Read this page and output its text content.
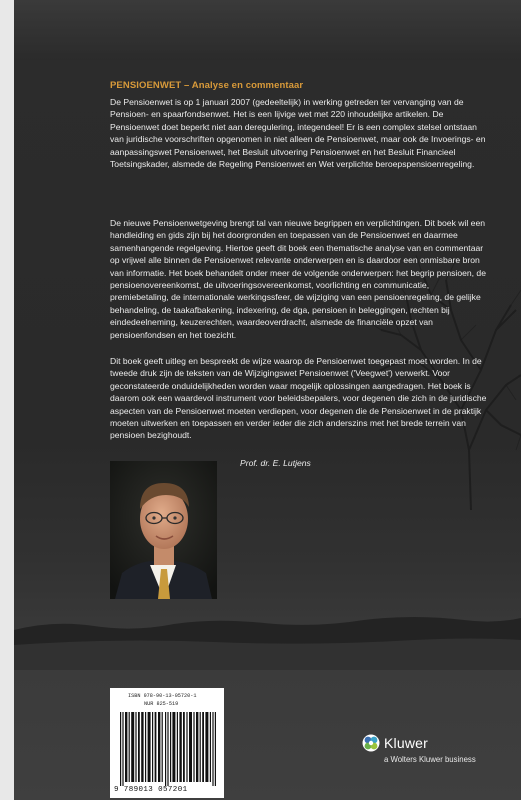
PENSIOENWET – Analyse en commentaar

De Pensioenwet is op 1 januari 2007 (gedeeltelijk) in werking getreden ter vervanging van de Pensioen- en spaarfondsenwet. Het is een lijvige wet met 220 inhoudelijke artikelen. De Pensioenwet doet beperkt niet aan deregulering, integendeel! Er is een complex stelsel ontstaan van juridische voorschriften opgenomen in niet alleen de Pensioenwet, maar ook de Invoerings- en aanpassingswet Pensioenwet, het Besluit uitvoering Pensioenwet en het Besluit Financieel Toetsingskader, alsmede de Regeling Pensioenwet en Wet verplichte beroepspensioenregeling.

De nieuwe Pensioenwetgeving brengt tal van nieuwe begrippen en verplichtingen. Dit boek wil een handleiding en gids zijn bij het doorgronden en toepassen van de Pensioenwet en daarmee samenhangende regelgeving. Hiertoe geeft dit boek een thematische analyse van en commentaar op vrijwel alle binnen de Pensioenwet relevante onderwerpen en is daardoor een onmisbare bron van informatie. Het boek behandelt onder meer de volgende onderwerpen: het begrip pensioen, de pensioenovereenkomst, de uitvoeringsovereenkomst, voorlichting en communicatie, premiebetaling, de internationale werkingssfeer, de wijziging van een pensioenregeling, de gelijke behandeling, de taakafbakening, indexering, de dga, pensioen in beleggingen, rechten bij eindedeelneming, keuzerechten, waardeoverdracht, alsmede de financiële opzet van pensioenfondsen en het toezicht.

Dit boek geeft uitleg en bespreekt de wijze waarop de Pensioenwet toegepast moet worden. In de tweede druk zijn de teksten van de Wijzigingswet Pensioenwet ('Veegwet') verwerkt. Voor geconstateerde onduidelijkheden worden waar mogelijk oplossingen aangedragen. Het boek is daarom ook een waardevol instrument voor beleidsbepalers, voor degenen die zich in de juridische aspecten van de Pensioenwet moeten verdiepen, voor degenen die de Pensioenwet in de praktijk moeten uitwerken en toepassen en verder ieder die zich anderszins met het brede terrein van pensioen bezighoudt.

Prof. dr. E. Lutjens
ISBN 978-90-13-05720-1
NUR 825-519
9 789013 057201
Kluwer
a Wolters Kluwer business
